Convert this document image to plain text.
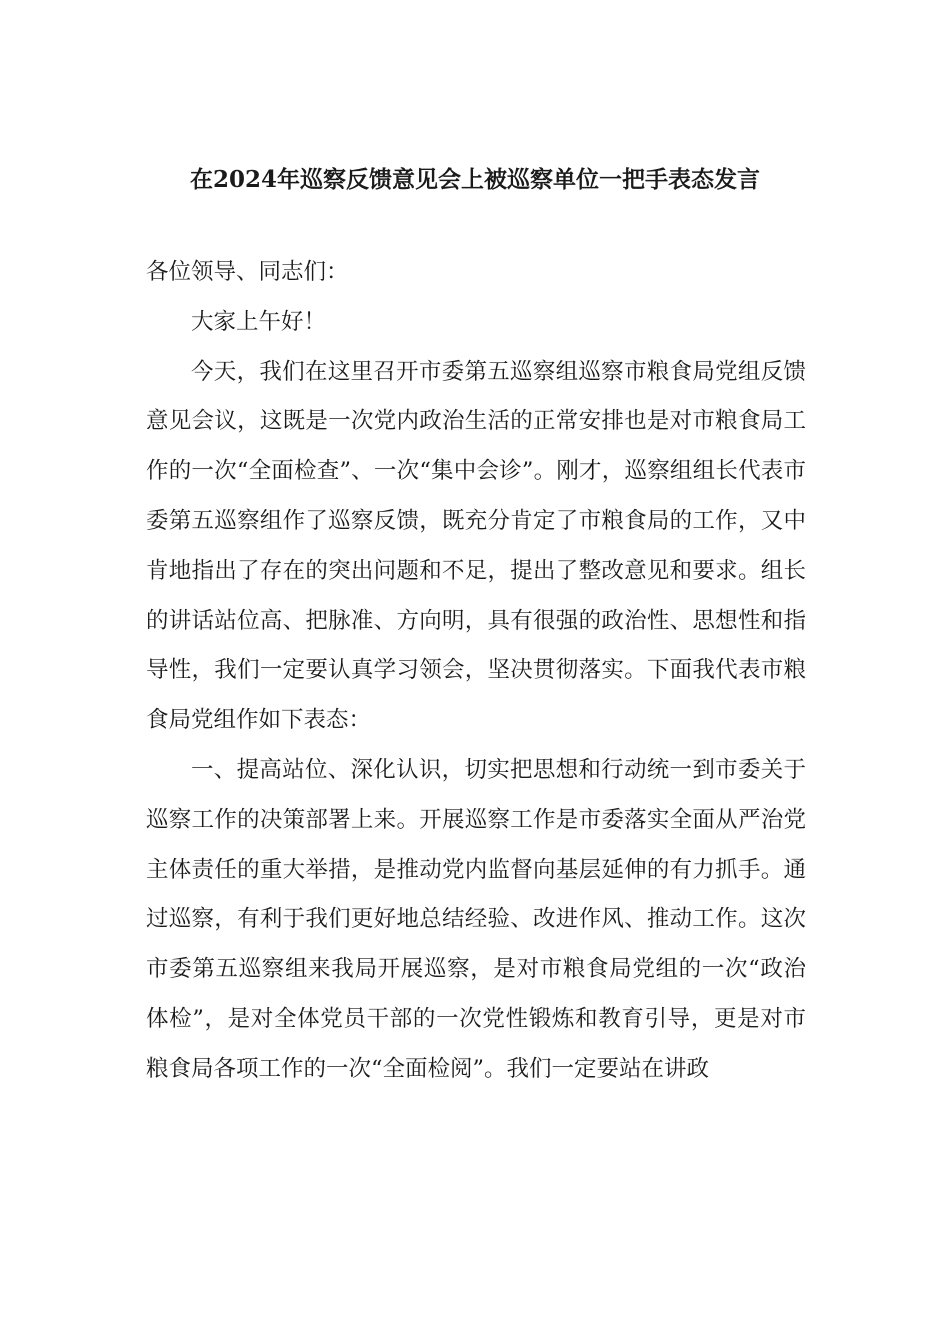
在2024年巡察反馈意见会上被巡察单位一把手表态发言

各位领导、同志们：

大家上午好！

今天，我们在这里召开市委第五巡察组巡察市粮食局党组反馈意见会议，这既是一次党内政治生活的正常安排也是对市粮食局工作的一次“全面检查”、一次“集中会诊”。刚才，巡察组组长代表市委第五巡察组作了巡察反馈，既充分肯定了市粮食局的工作，又中肯地指出了存在的突出问题和不足，提出了整改意见和要求。组长的讲话站位高、把脉准、方向明，具有很强的政治性、思想性和指导性，我们一定要认真学习领会，坚决贯彻落实。下面我代表市粮食局党组作如下表态：

一、提高站位、深化认识，切实把思想和行动统一到市委关于巡察工作的决策部署上来。开展巡察工作是市委落实全面从严治党主体责任的重大举措，是推动党内监督向基层延伸的有力抓手。通过巡察，有利于我们更好地总结经验、改进作风、推动工作。这次市委第五巡察组来我局开展巡察，是对市粮食局党组的一次“政治体检”，是对全体党员干部的一次党性锻炼和教育引导，更是对市粮食局各项工作的一次“全面检阅”。我们一定要站在讲政
